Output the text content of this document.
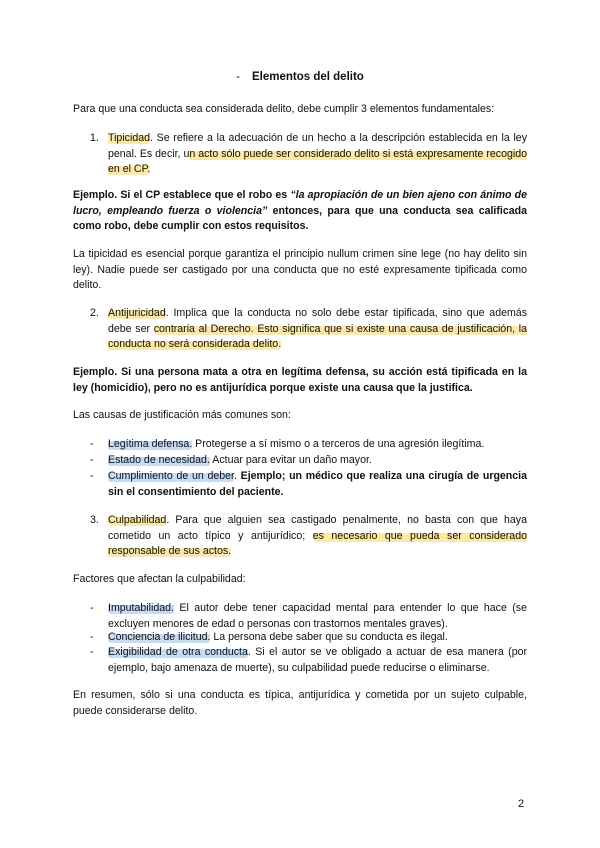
- Elementos del delito
Para que una conducta sea considerada delito, debe cumplir 3 elementos fundamentales:
1. Tipicidad. Se refiere a la adecuación de un hecho a la descripción establecida en la ley penal. Es decir, un acto sólo puede ser considerado delito si está expresamente recogido en el CP.
Ejemplo. Si el CP establece que el robo es “la apropiación de un bien ajeno con ánimo de lucro, empleando fuerza o violencia” entonces, para que una conducta sea calificada como robo, debe cumplir con estos requisitos.
La tipicidad es esencial porque garantiza el principio nullum crimen sine lege (no hay delito sin ley). Nadie puede ser castigado por una conducta que no esté expresamente tipificada como delito.
2. Antijuricidad. Implica que la conducta no solo debe estar tipificada, sino que además debe ser contraria al Derecho. Esto significa que si existe una causa de justificación, la conducta no será considerada delito.
Ejemplo. Si una persona mata a otra en legítima defensa, su acción está tipificada en la ley (homicidio), pero no es antijurídica porque existe una causa que la justifica.
Las causas de justificación más comunes son:
- Legítima defensa. Protegerse a sí mismo o a terceros de una agresión ilegítima.
- Estado de necesidad. Actuar para evitar un daño mayor.
- Cumplimiento de un deber. Ejemplo; un médico que realiza una cirugía de urgencia sin el consentimiento del paciente.
3. Culpabilidad. Para que alguien sea castigado penalmente, no basta con que haya cometido un acto típico y antijurídico; es necesario que pueda ser considerado responsable de sus actos.
Factores que afectan la culpabilidad:
- Imputabilidad. El autor debe tener capacidad mental para entender lo que hace (se excluyen menores de edad o personas con trastornos mentales graves).
- Conciencia de ilicitud. La persona debe saber que su conducta es ilegal.
- Exigibilidad de otra conducta. Si el autor se ve obligado a actuar de esa manera (por ejemplo, bajo amenaza de muerte), su culpabilidad puede reducirse o eliminarse.
En resumen, sólo si una conducta es típica, antijurídica y cometida por un sujeto culpable, puede considerarse delito.
2
